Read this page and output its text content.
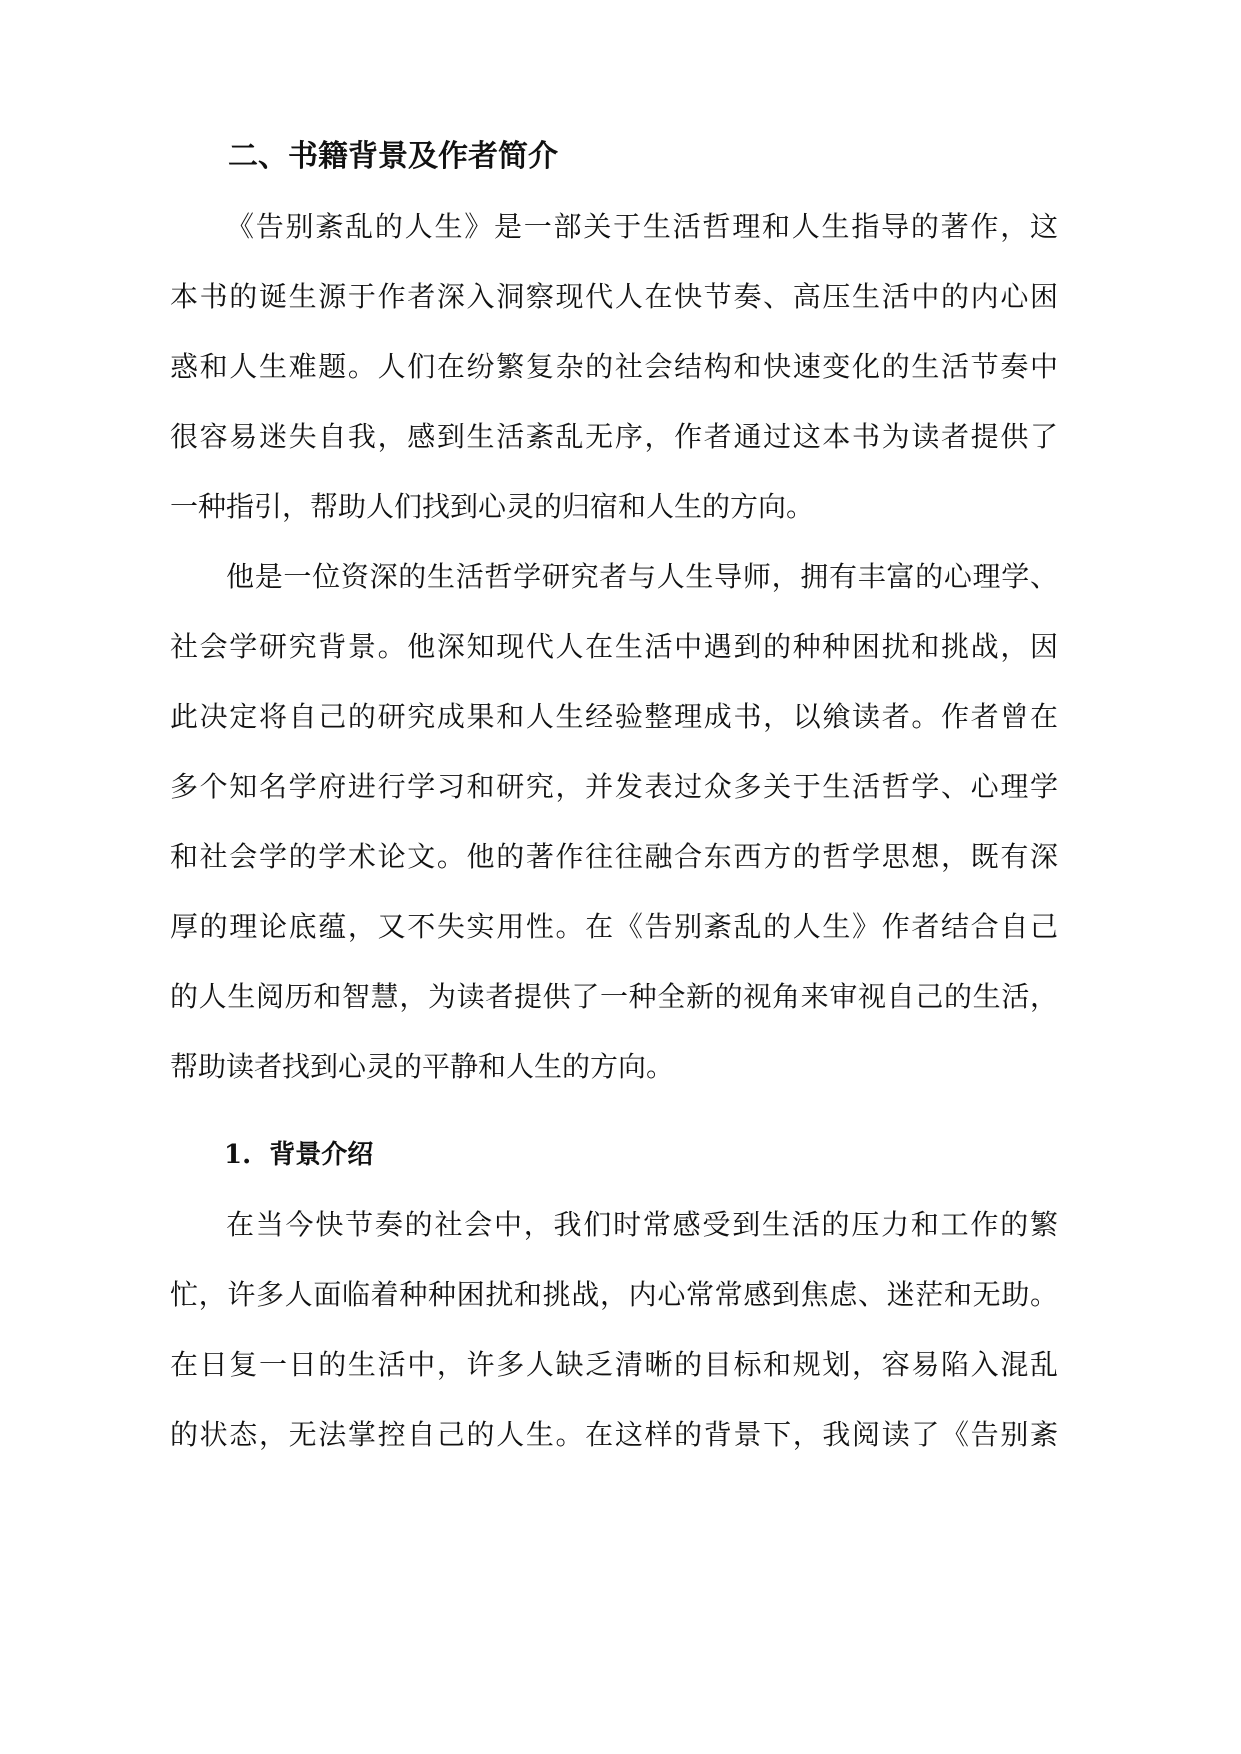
二、书籍背景及作者简介
《告别紊乱的人生》是一部关于生活哲理和人生指导的著作，这
本书的诞生源于作者深入洞察现代人在快节奏、高压生活中的内心困
惑和人生难题。人们在纷繁复杂的社会结构和快速变化的生活节奏中
很容易迷失自我，感到生活紊乱无序，作者通过这本书为读者提供了
一种指引，帮助人们找到心灵的归宿和人生的方向。
他是一位资深的生活哲学研究者与人生导师，拥有丰富的心理学、
社会学研究背景。他深知现代人在生活中遇到的种种困扰和挑战，因
此决定将自己的研究成果和人生经验整理成书，以飨读者。作者曾在
多个知名学府进行学习和研究，并发表过众多关于生活哲学、心理学
和社会学的学术论文。他的著作往往融合东西方的哲学思想，既有深
厚的理论底蕴，又不失实用性。在《告别紊乱的人生》作者结合自己
的人生阅历和智慧，为读者提供了一种全新的视角来审视自己的生活，
帮助读者找到心灵的平静和人生的方向。
1.  背景介绍
在当今快节奏的社会中，我们时常感受到生活的压力和工作的繁
忙，许多人面临着种种困扰和挑战，内心常常感到焦虑、迷茫和无助。
在日复一日的生活中，许多人缺乏清晰的目标和规划，容易陷入混乱
的状态，无法掌控自己的人生。在这样的背景下，我阅读了《告别紊
